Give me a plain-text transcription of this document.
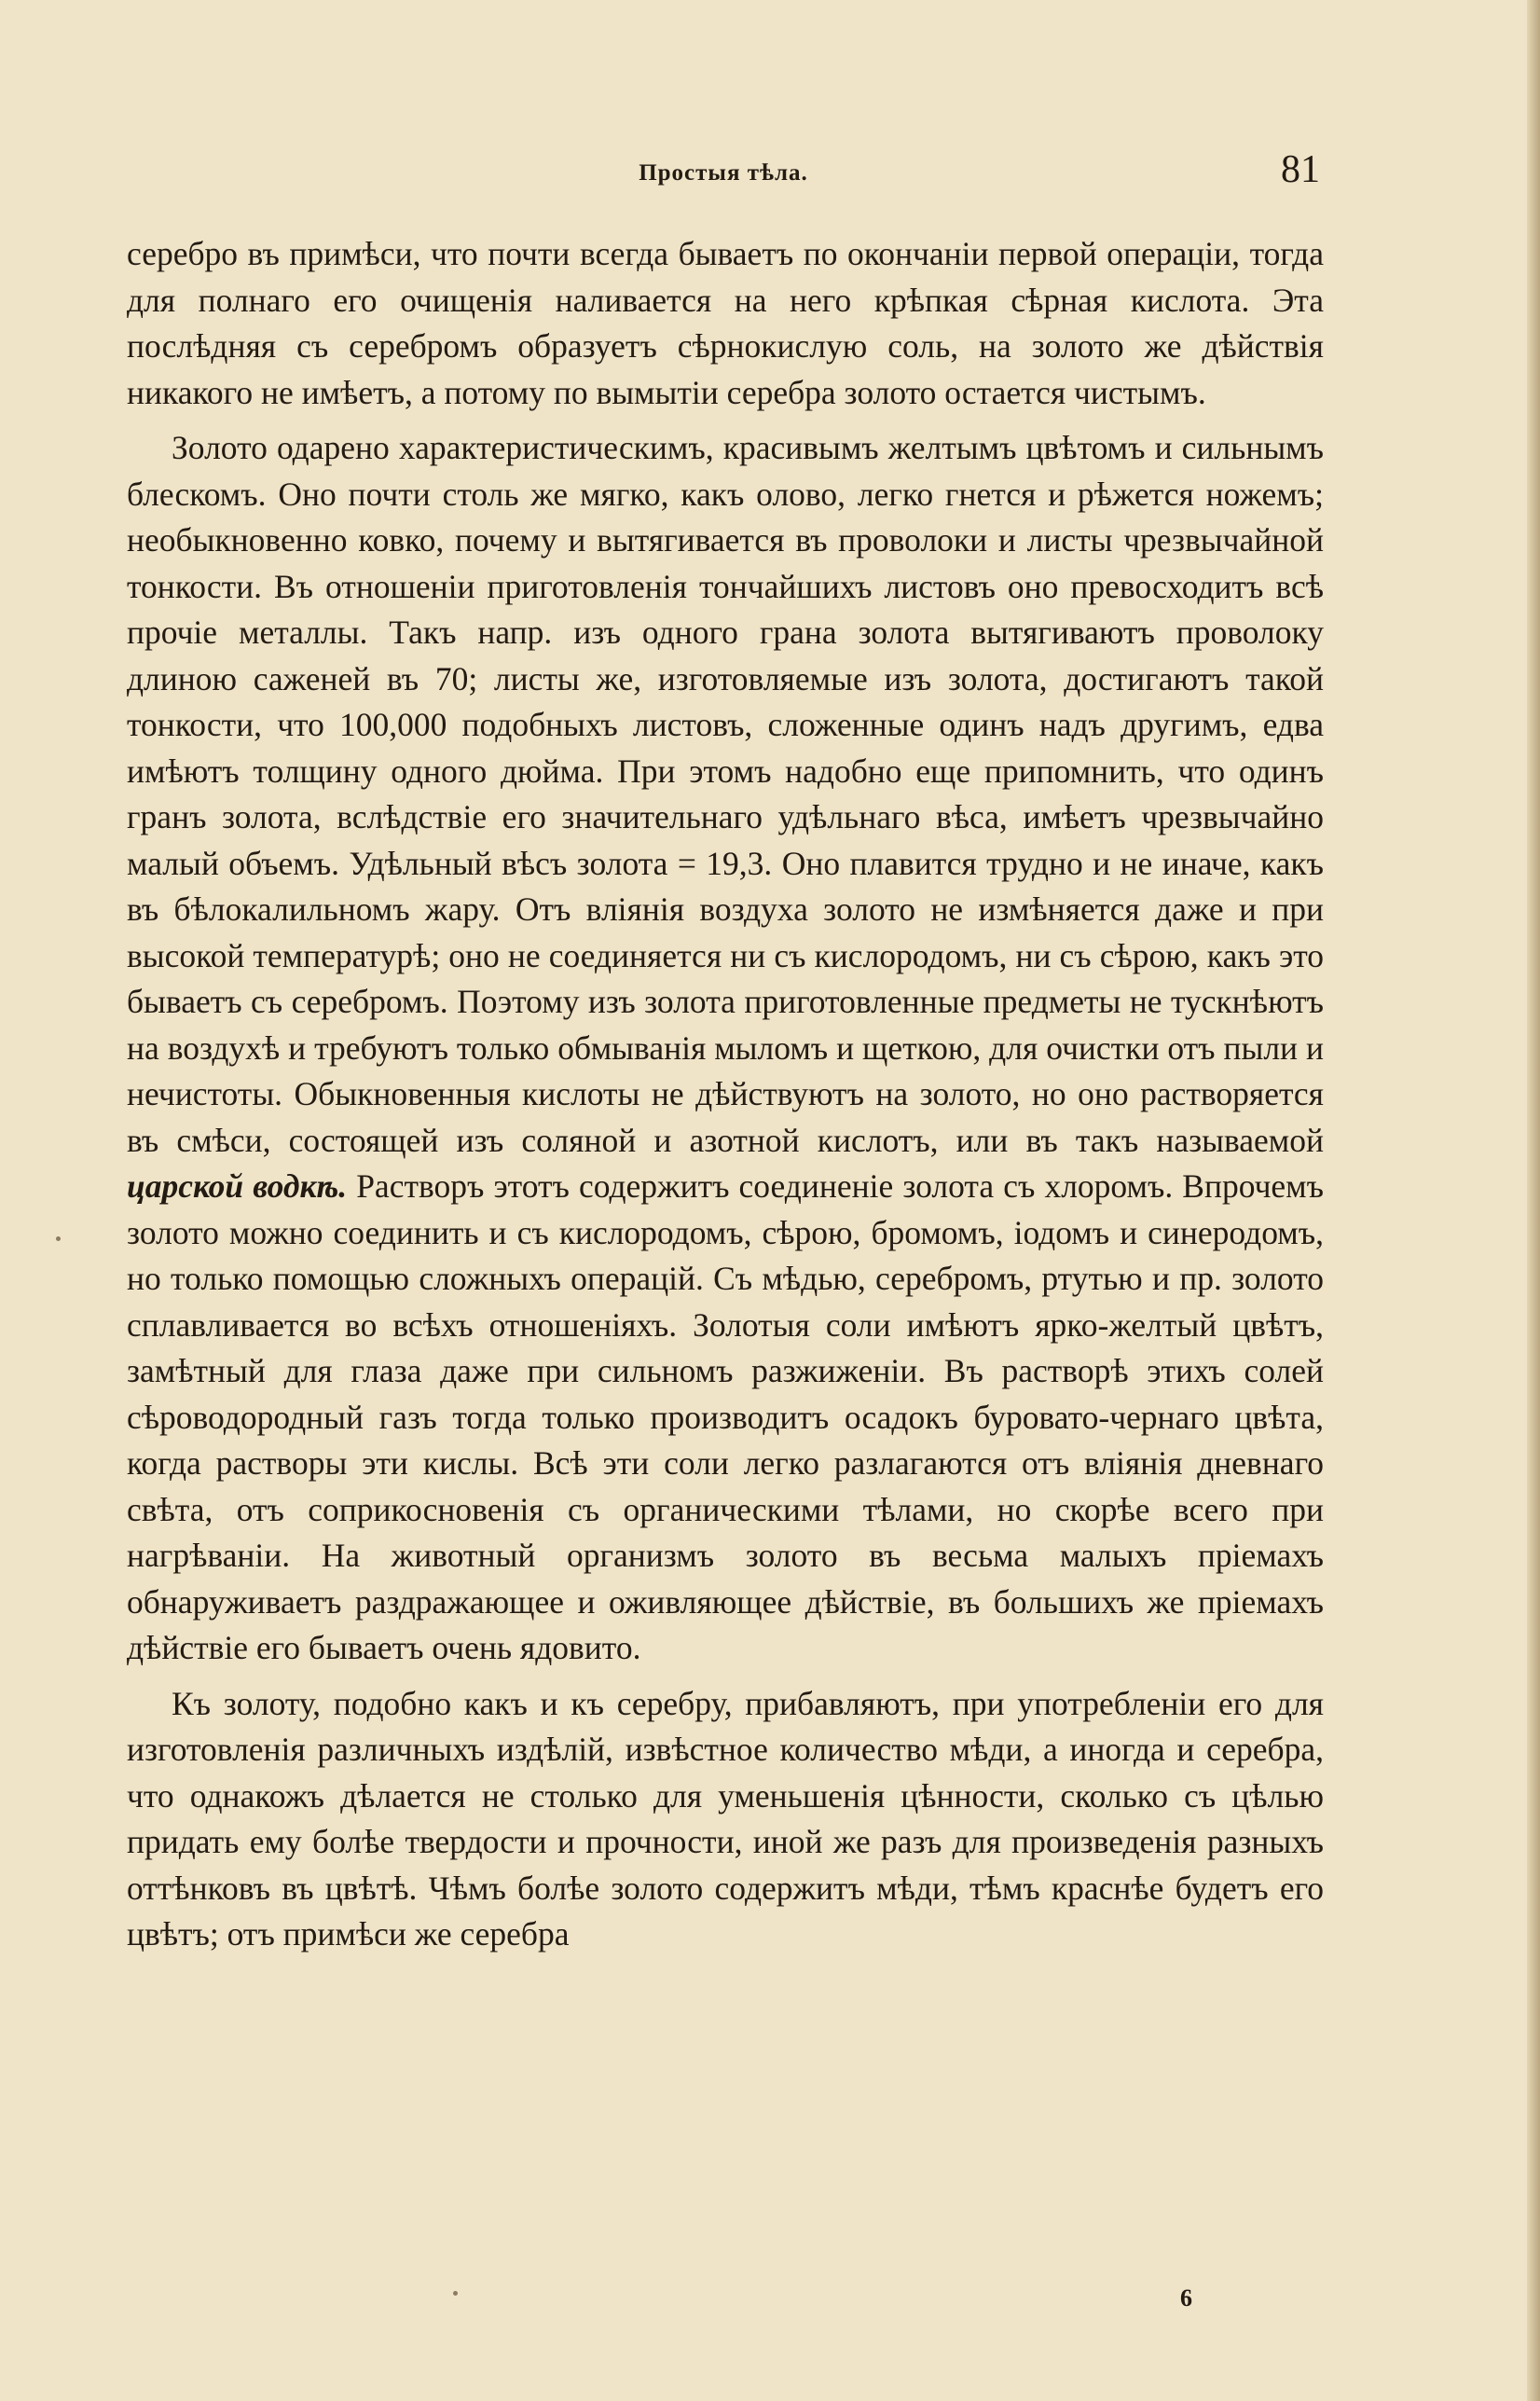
Простыя тѣла.	81

серебро въ примѣси, что почти всегда бываетъ по окончаніи первой операціи, тогда для полнаго его очищенія наливается на него крѣпкая сѣрная кислота. Эта послѣдняя съ серебромъ образуетъ сѣрнокислую соль, на золото же дѣйствія никакого не имѣетъ, а потому по вымытіи серебра золото остается чистымъ.

Золото одарено характеристическимъ, красивымъ желтымъ цвѣтомъ и сильнымъ блескомъ. Оно почти столь же мягко, какъ олово, легко гнется и рѣжется ножемъ; необыкновенно ковко, почему и вытягивается въ проволоки и листы чрезвычайной тонкости. Въ отношеніи приготовленія тончайшихъ листовъ оно превосходитъ всѣ прочіе металлы. Такъ напр. изъ одного грана золота вытягиваютъ проволоку длиною саженей въ 70; листы же, изготовляемые изъ золота, достигаютъ такой тонкости, что 100,000 подобныхъ листовъ, сложенные одинъ надъ другимъ, едва имѣютъ толщину одного дюйма. При этомъ надобно еще припомнить, что одинъ гранъ золота, вслѣдствіе его значительнаго удѣльнаго вѣса, имѣетъ чрезвычайно малый объемъ. Удѣльный вѣсъ золота = 19,3. Оно плавится трудно и не иначе, какъ въ бѣлокалильномъ жару. Отъ вліянія воздуха золото не измѣняется даже и при высокой температурѣ; оно не соединяется ни съ кислородомъ, ни съ сѣрою, какъ это бываетъ съ серебромъ. Поэтому изъ золота приготовленные предметы не тускнѣютъ на воздухѣ и требуютъ только обмыванія мыломъ и щеткою, для очистки отъ пыли и нечистоты. Обыкновенныя кислоты не дѣйствуютъ на золото, но оно растворяется въ смѣси, состоящей изъ соляной и азотной кислотъ, или въ такъ называемой царской водкѣ. Растворъ этотъ содержитъ соединеніе золота съ хлоромъ. Впрочемъ золото можно соединить и съ кислородомъ, сѣрою, бромомъ, іодомъ и синеродомъ, но только помощью сложныхъ операцій. Съ мѣдью, серебромъ, ртутью и пр. золото сплавливается во всѣхъ отношеніяхъ. Золотыя соли имѣютъ ярко-желтый цвѣтъ, замѣтный для глаза даже при сильномъ разжиженіи. Въ растворѣ этихъ солей сѣроводородный газъ тогда только производитъ осадокъ буровато-чернаго цвѣта, когда растворы эти кислы. Всѣ эти соли легко разлагаются отъ вліянія дневнаго свѣта, отъ соприкосновенія съ органическими тѣлами, но скорѣе всего при нагрѣваніи. На животный организмъ золото въ весьма малыхъ пріемахъ обнаруживаетъ раздражающее и оживляющее дѣйствіе, въ большихъ же пріемахъ дѣйствіе его бываетъ очень ядовито.

Къ золоту, подобно какъ и къ серебру, прибавляютъ, при употребленіи его для изготовленія различныхъ издѣлій, извѣстное количество мѣди, а иногда и серебра, что однакожъ дѣлается не столько для уменьшенія цѣнности, сколько съ цѣлью придать ему болѣе твердости и прочности, иной же разъ для произведенія разныхъ оттѣнковъ въ цвѣтѣ. Чѣмъ болѣе золото содержитъ мѣди, тѣмъ краснѣе будетъ его цвѣтъ; отъ примѣси же серебра

6
